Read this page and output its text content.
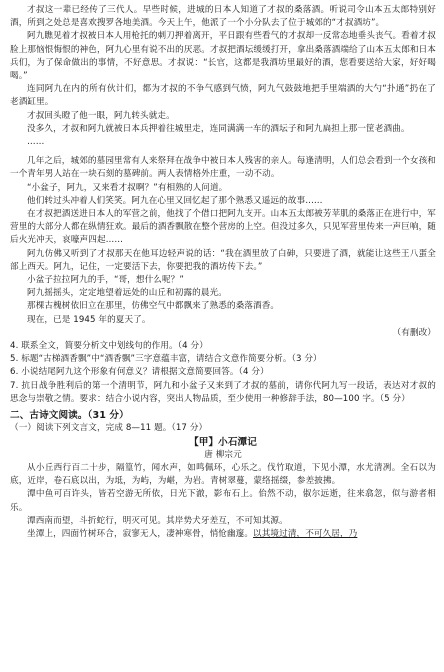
才叔这一辈已经传了三代人。早些时候，进城的日本人知道了才叔的桑落酒。听说司令山本五太郎特别好酒，所到之处总是喜欢搜罗各地美酒。今天上午，他派了一个小分队去了位于城郊的“才叔酒坊”。

阿九瞧见着才叔被日本人用枪托的刺刀押着离开，平日跟有些看气的才叔却一反常态地垂头丧气。看着才叔脸上那恼恨悔恨的神色，阿九心里有说不出的厌恶。才叔把酒坛缓缓打开，拿出桑落酒端给了山本五太郎和日本兵们，为了保命做出的事情，不好意思。才叔说：“长官，这都是我酒坊里最好的酒，您看要送给大家，好好喝喝。”

连同阿九在内的所有伙计们，都为才叔的不争气感到气愤，阿九气鼓鼓地把手里端酒的大勺“扑通”扔在了老酒缸里。

才叔回头瞪了他一眼，阿九转头就走。

没多久，才叔和阿九就被日本兵押着往城里走，连同满满一车的酒坛子和阿九扁担上那一筐老酒曲。

……

几年之后，城郊的墓园里常有人来祭拜在战争中被日本人残害的亲人。每逢清明，人们总会看到一个女孩和一个青年男人站在一块石刻的墓碑前。两人表情格外庄重，一动不动。

“小盆子，阿九，又来看才叔啊？”有相熟的人问道。

他们转过头冲着人们笑笑。阿九在心里又回忆起了那个熟悉又遥远的故事……

在才叔把酒送进日本人的军营之前，他找了个借口把阿九支开。山本五太郎被芳苹肌的桑落正在进行中，军营里的大部分人都在纵情狂欢。最后的酒香飘散在整个营房的上空。但没过多久，只见军营里传来一声巨响，随后火光冲天，哀嚎声四起……

阿九仿佛又听到了才叔那天在他耳边轻声说的话：“我在酒里放了白砷，只要进了酒，就能让这些王八蛋全部上西天。阿九，记住，一定要活下去，你要把我的酒坊传下去。”

小盆子拉拉阿九的手，“哥，想什么呢？”

阿九摇摇头，定定地望着远处的山丘和初露的晨光。

那棵古槐树依旧立在那里，仿佛空气中都飘来了熟悉的桑落酒香。

现在，已是 1945 年的夏天了。

（有删改）

4. 联系全文，简要分析文中划线句的作用。（4 分）

5. 标题“古梯酒香飘”中“酒香飘”三字意蕴丰富，请结合文意作简要分析。（3 分）

6. 小说结尾阿九这个形象有何意义？请根据文意简要回答。（4 分）

7. 抗日战争胜利后的第一个清明节，阿九和小盆子又来到了才叔的墓前，请你代阿九写一段话，表达对才叔的思念与崇敬之情。要求：结合小说内容，突出人物品质，至少使用一种修辞手法，80—100 字。（5 分）

二、古诗文阅读。（31 分）

（一）阅读下列文言文，完成 8—11 题。（17 分）

【甲】小石潭记

唐 柳宗元

从小丘西行百二十步，隔篁竹，闻水声，如鸣佩环，心乐之。伐竹取道，下见小潭，水尤清冽。全石以为底，近岸，卷石底以出，为坻，为屿，为嵁，为岩。青树翠蔓，蒙络摇缀，参差披拂。

潭中鱼可百许头，皆若空游无所依，日光下澈，影布石上。佁然不动，俶尔远逝，往来翕忽，似与游者相乐。

潭西南而望，斗折蛇行，明灭可见。其岸势犬牙差互，不可知其源。

坐潭上，四面竹树环合，寂寥无人，凄神寒骨，悄怆幽邃。以其境过清，不可久居，乃
